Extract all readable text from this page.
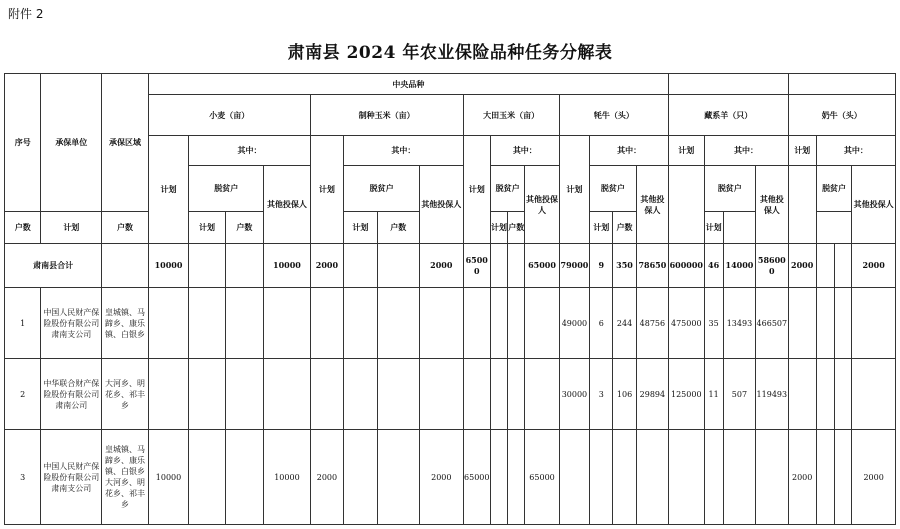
附件 2
肃南县 2024 年农业保险品种任务分解表
序号	承保单位	承保区域	中央品种																							
			小麦（亩）				制种玉米（亩）				大田玉米（亩）				牦牛（头）				藏系羊（只）				奶牛（头）			
			计划	其中：			计划	其中：			计划	其中：			计划	其中：			计划	其中：			计划	其中：		
				脱贫户		其他投保人		脱贫户		其他投保人		脱贫户		其他投保人		脱贫户		其他投保人		脱贫户		其他投保人		脱贫户		其他投保人
户数	计划	户数		计划	户数			计划	户数			计划	户数			计划	户数			计划						
肃南县合计			10000			10000	2000			2000	65000			65000	79000	9	350	78650	600000	46	14000	586000	2000			2000
1	中国人民财产保险股份有限公司肃南支公司	皇城镇、马蹄乡、康乐镇、白银乡													49000	6	244	48756	475000	35	13493	466507				
2	中华联合财产保险股份有限公司肃南公司	大河乡、明花乡、祁丰乡													30000	3	106	29894	125000	11	507	119493				
3	中国人民财产保险股份有限公司肃南支公司	皇城镇、马蹄乡、康乐镇、白银乡大河乡、明花乡、祁丰乡	10000			10000	2000			2000	65000			65000									2000			2000
